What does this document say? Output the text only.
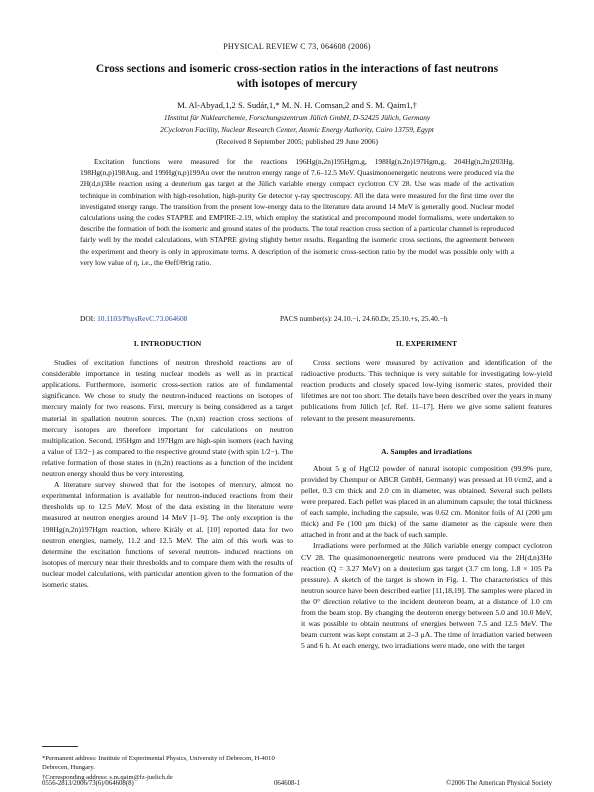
PHYSICAL REVIEW C 73, 064608 (2006)
Cross sections and isomeric cross-section ratios in the interactions of fast neutrons with isotopes of mercury
M. Al-Abyad,1,2 S. Sudár,1,* M. N. H. Comsan,2 and S. M. Qaim1,†
1Institut für Nuklearchemie, Forschungszentrum Jülich GmbH, D-52425 Jülich, Germany
2Cyclotron Facility, Nuclear Research Center, Atomic Energy Authority, Cairo 13759, Egypt
(Received 8 September 2005; published 29 June 2006)
Excitation functions were measured for the reactions 196Hg(n,2n)195Hgm,g, 198Hg(n,2n)197Hgm,g, 204Hg(n,2n)203Hg, 198Hg(n,p)198Aug, and 199Hg(n,p)199Au over the neutron energy range of 7.6–12.5 MeV. Quasimonoenergetic neutrons were produced via the 2H(d,n)3He reaction using a deuterium gas target at the Jülich variable energy compact cyclotron CV 28. Use was made of the activation technique in combination with high-resolution, high-purity Ge detector γ-ray spectroscopy. All the data were measured for the first time over the investigated energy range. The transition from the present low-energy data to the literature data around 14 MeV is generally good. Nuclear model calculations using the codes STAPRE and EMPIRE-2.19, which employ the statistical and precompound model formalisms, were undertaken to describe the formation of both the isomeric and ground states of the products. The total reaction cross section of a particular channel is reproduced fairly well by the model calculations, with STAPRE giving slightly better results. Regarding the isomeric cross sections, the agreement between the experiment and theory is only in approximate terms. A description of the isomeric cross-section ratio by the model was possible only with a very low value of η, i.e., the Θeff/Θrig ratio.
DOI: 10.1103/PhysRevC.73.064608	PACS number(s): 24.10.−i, 24.60.Dr, 25.10.+s, 25.40.−h
I. INTRODUCTION

Studies of excitation functions of neutron threshold reactions are of considerable importance in testing nuclear models as well as in practical applications. Furthermore, isomeric cross-section ratios are of fundamental significance. We chose to study the neutron-induced reactions on isotopes of mercury mainly for two reasons. First, mercury is being considered as a target material in spallation neutron sources. The (n,xn) reaction cross sections of mercury isotopes are therefore important for calculations on neutron multiplication. Second, 195Hgm and 197Hgm are high-spin isomers (each having a value of 13/2−) as compared to the respective ground state (with spin 1/2−). The relative formation of those states in (n,2n) reactions as a function of the incident neutron energy should thus be very interesting.

A literature survey showed that for the isotopes of mercury, almost no experimental information is available for neutron-induced reactions from their thresholds up to 12.5 MeV. Most of the data existing in the literature were measured at neutron energies around 14 MeV [1–9]. The only exception is the 198Hg(n,2n)197Hgm reaction, where Király et al. [10] reported data for two neutron energies, namely, 11.2 and 12.5 MeV. The aim of this work was to determine the excitation functions of several neutron- induced reactions on isotopes of mercury near their thresholds and to compare them with the results of nuclear model calculations, with particular attention given to the formation of the isomeric states.

II. EXPERIMENT

Cross sections were measured by activation and identification of the radioactive products. This technique is very suitable for investigating low-yield reaction products and closely spaced low-lying isomeric states, provided their lifetimes are not too short. The details have been described over the years in many publications from Jülich [cf. Ref. 11–17]. Here we give some salient features relevant to the present measurements.

A. Samples and irradiations

About 5 g of HgCl2 powder of natural isotopic composition (99.9% pure, provided by Chempur or ABCR GmbH, Germany) was pressed at 10 t/cm2, and a pellet, 0.3 cm thick and 2.0 cm in diameter, was obtained. Several such pellets were prepared. Each pellet was placed in an aluminum capsule; the total thickness of each sample, including the capsule, was 0.62 cm. Monitor foils of Al (200 μm thick) and Fe (100 μm thick) of the same diameter as the capsule were then attached in front and at the back of each sample.

Irradiations were performed at the Jülich variable energy compact cyclotron CV 28. The quasimonoenergetic neutrons were produced via the 2H(d,n)3He reaction (Q = 3.27 MeV) on a deuterium gas target (3.7 cm long, 1.8 × 105 Pa pressure). A sketch of the target is shown in Fig. 1. The characteristics of this neutron source have been described earlier [11,18,19]. The samples were placed in the 0° direction relative to the incident deuteron beam, at a distance of 1.0 cm from the beam stop. By changing the deuteron energy between 5.0 and 10.0 MeV, it was possible to obtain neutrons of energies between 7.5 and 12.5 MeV. The beam current was kept constant at 2–3 μA. The time of irradiation varied between 5 and 6 h. At each energy, two irradiations were made, one with the target

*Permanent address: Institute of Experimental Physics, University of Debrecen, H-4010 Debrecen, Hungary.
†Corresponding address: s.m.qaim@fz-juelich.de
0556-2813/2006/73(6)/064608(8)	064608-1	©2006 The American Physical Society
